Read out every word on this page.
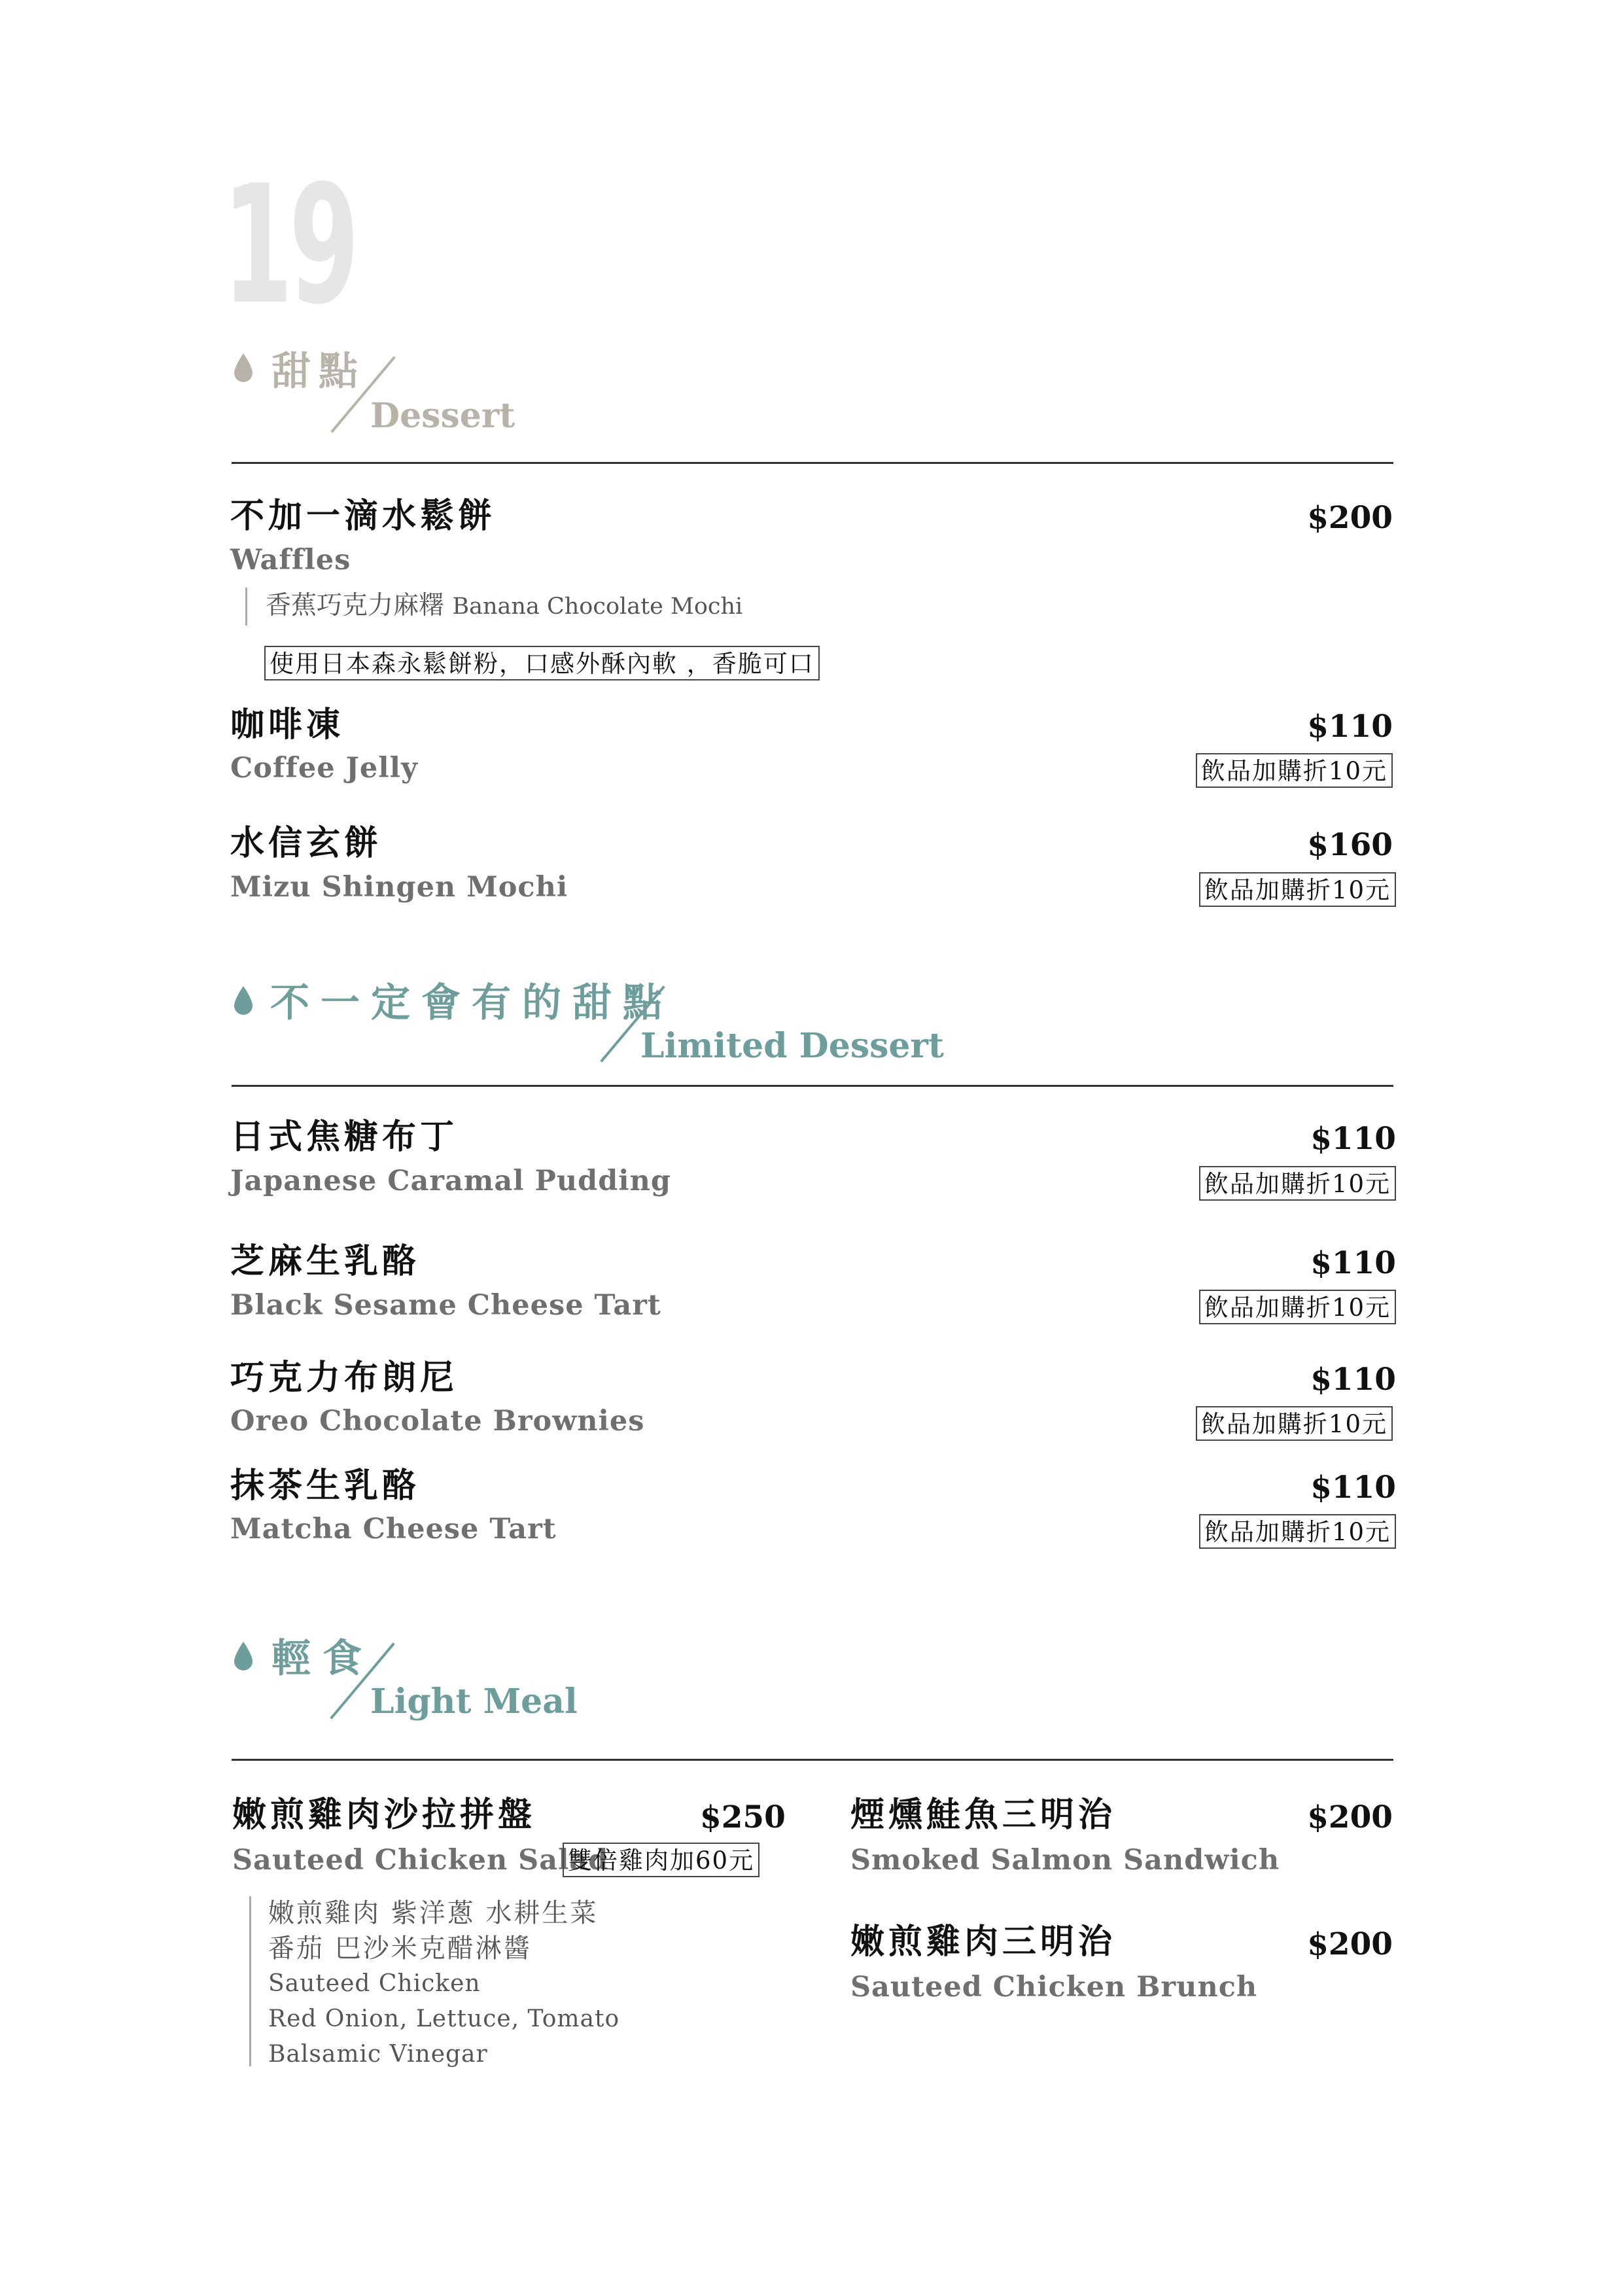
19
甜點
Dessert
不加一滴水鬆餅	$200
Waffles
香蕉巧克力麻糬 Banana Chocolate Mochi
使用日本森永鬆餅粉，口感外酥內軟 ，香脆可口
咖啡凍	$110
Coffee Jelly	飲品加購折10元
水信玄餅	$160
Mizu Shingen Mochi	飲品加購折10元
不一定會有的甜點
Limited Dessert
日式焦糖布丁	$110
Japanese Caramal Pudding	飲品加購折10元
芝麻生乳酪	$110
Black Sesame Cheese Tart	飲品加購折10元
巧克力布朗尼	$110
Oreo Chocolate Brownies	飲品加購折10元
抹茶生乳酪	$110
Matcha Cheese Tart	飲品加購折10元
輕食
Light Meal
嫩煎雞肉沙拉拼盤	$250
Sauteed Chicken Salad
雙倍雞肉加60元
嫩煎雞肉 紫洋蔥 水耕生菜
番茄 巴沙米克醋淋醬
Sauteed Chicken
Red Onion, Lettuce, Tomato
Balsamic Vinegar
煙燻鮭魚三明治	$200
Smoked Salmon Sandwich
嫩煎雞肉三明治	$200
Sauteed Chicken Brunch
